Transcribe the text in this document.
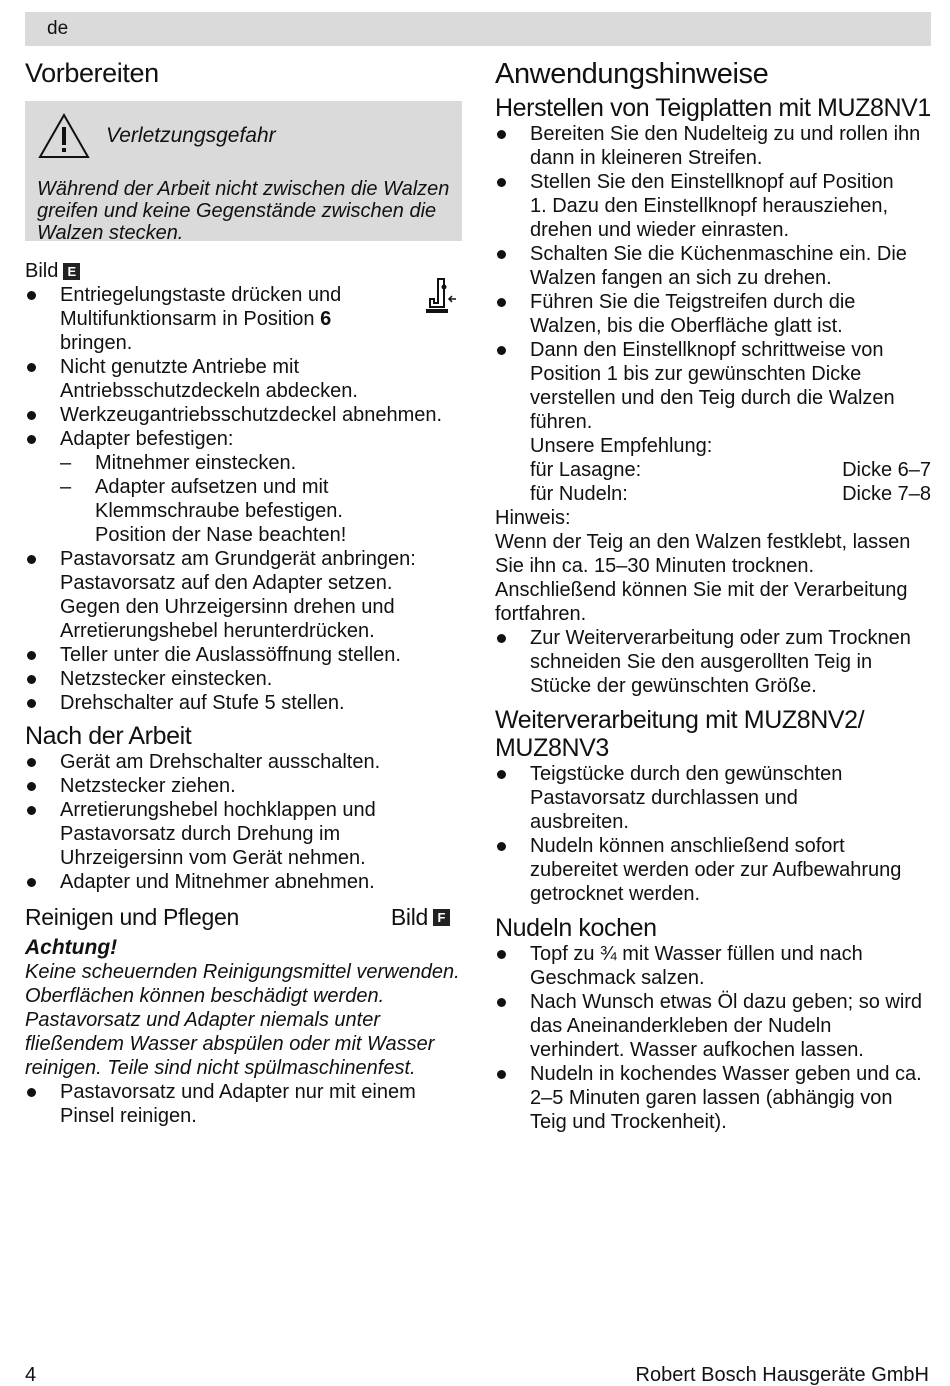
de
Vorbereiten
Verletzungsgefahr
Während der Arbeit nicht zwischen die Walzen greifen und keine Gegenstände zwischen die Walzen stecken.
Bild E
Entriegelungstaste drücken und
Multifunktionsarm in Position 6
bringen.
Nicht genutzte Antriebe mit Antriebsschutzdeckeln abdecken.
Werkzeugantriebsschutzdeckel abnehmen.
Adapter befestigen:
– Mitnehmer einstecken.
– Adapter aufsetzen und mit Klemmschraube befestigen. Position der Nase beachten!
Pastavorsatz am Grundgerät anbringen:
Pastavorsatz auf den Adapter setzen. Gegen den Uhrzeigersinn drehen und Arretierungshebel herunterdrücken.
Teller unter die Auslassöffnung stellen.
Netzstecker einstecken.
Drehschalter auf Stufe 5 stellen.
Nach der Arbeit
Gerät am Drehschalter ausschalten.
Netzstecker ziehen.
Arretierungshebel hochklappen und Pastavorsatz durch Drehung im Uhrzeigersinn vom Gerät nehmen.
Adapter und Mitnehmer abnehmen.
Reinigen und Pflegen	Bild F
Achtung!
Keine scheuernden Reinigungsmittel verwenden. Oberflächen können beschädigt werden.
Pastavorsatz und Adapter niemals unter fließendem Wasser abspülen oder mit Wasser reinigen. Teile sind nicht spülmaschinenfest.
Pastavorsatz und Adapter nur mit einem Pinsel reinigen.
Anwendungshinweise
Herstellen von Teigplatten mit MUZ8NV1
Bereiten Sie den Nudelteig zu und rollen ihn dann in kleineren Streifen.
Stellen Sie den Einstellknopf auf Position 1. Dazu den Einstellknopf herausziehen, drehen und wieder einrasten.
Schalten Sie die Küchenmaschine ein. Die Walzen fangen an sich zu drehen.
Führen Sie die Teigstreifen durch die Walzen, bis die Oberfläche glatt ist.
Dann den Einstellknopf schrittweise von Position 1 bis zur gewünschten Dicke verstellen und den Teig durch die Walzen führen.
Unsere Empfehlung:
für Lasagne:	Dicke 6–7
für Nudeln:	Dicke 7–8
Hinweis:
Wenn der Teig an den Walzen festklebt, lassen Sie ihn ca. 15–30 Minuten trocknen. Anschließend können Sie mit der Verarbeitung fortfahren.
Zur Weiterverarbeitung oder zum Trocknen schneiden Sie den ausgerollten Teig in Stücke der gewünschten Größe.
Weiterverarbeitung mit MUZ8NV2/ MUZ8NV3
Teigstücke durch den gewünschten Pastavorsatz durchlassen und ausbreiten.
Nudeln können anschließend sofort zubereitet werden oder zur Aufbewahrung getrocknet werden.
Nudeln kochen
Topf zu ¾ mit Wasser füllen und nach Geschmack salzen.
Nach Wunsch etwas Öl dazu geben; so wird das Aneinanderkleben der Nudeln verhindert. Wasser aufkochen lassen.
Nudeln in kochendes Wasser geben und ca. 2–5 Minuten garen lassen (abhängig von Teig und Trockenheit).
4	Robert Bosch Hausgeräte GmbH
